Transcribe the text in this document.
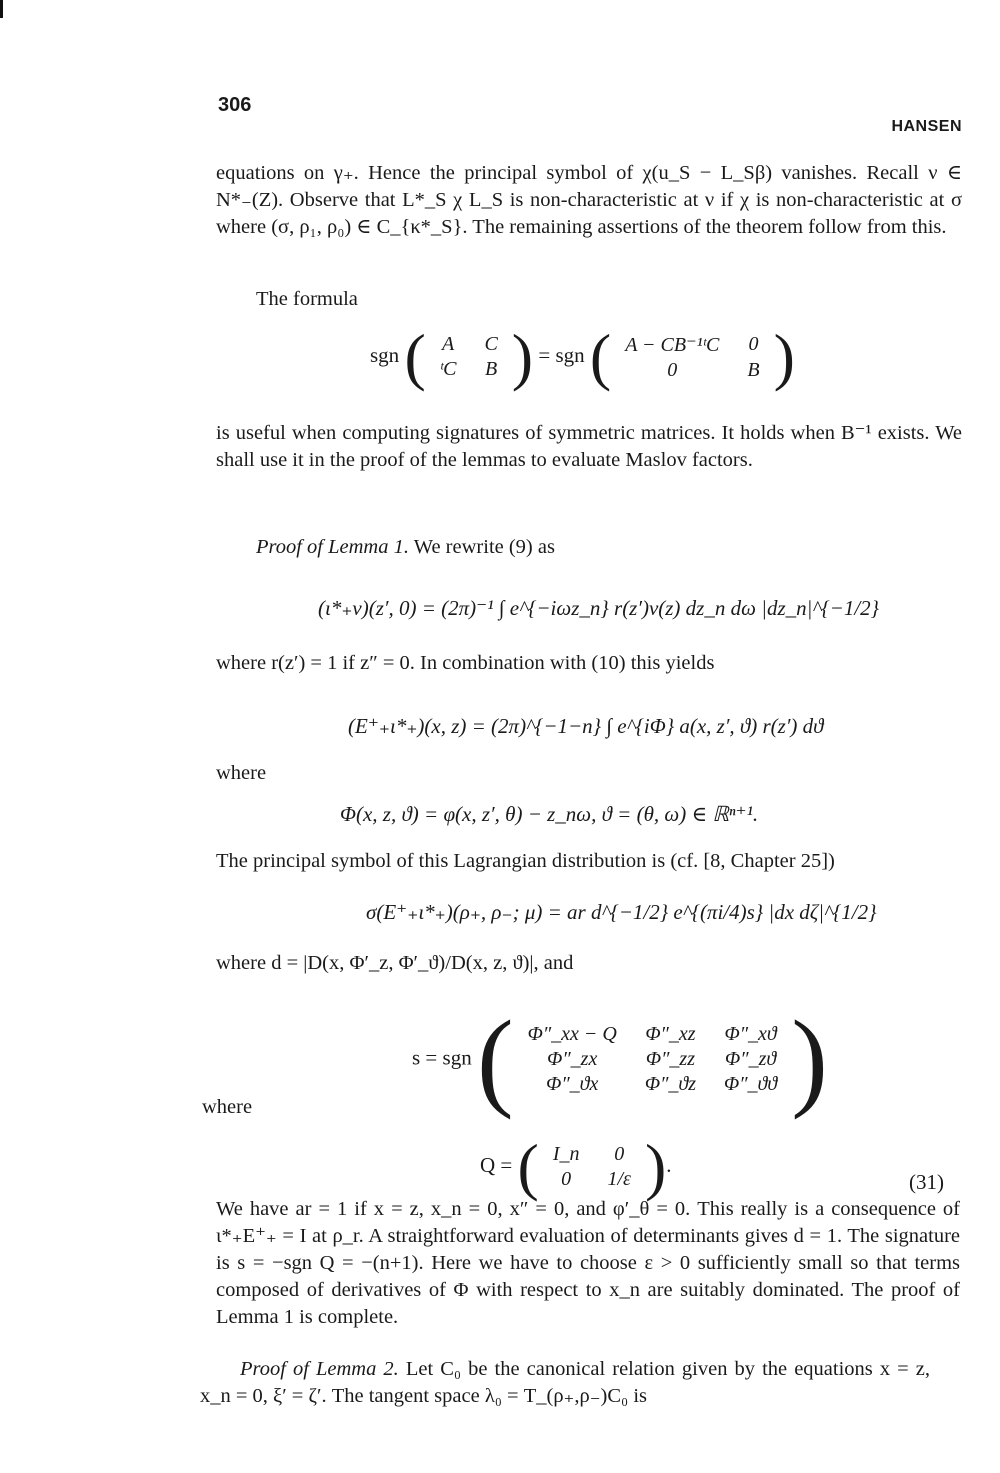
306
HANSEN

equations on γ₊. Hence the principal symbol of χ(u_S − L_Sβ) vanishes. Recall ν ∈ N*₋(Z). Observe that L*_S χ L_S is non-characteristic at ν if χ is non-characteristic at σ where (σ, ρ₁, ρ₀) ∈ C_{κ*_S}. The remaining assertions of the theorem follow from this.

The formula

sgn ( A	C
ᵗC	B ) = sgn ( A − CB⁻¹ᵗC	0
0	B )

is useful when computing signatures of symmetric matrices. It holds when B⁻¹ exists. We shall use it in the proof of the lemmas to evaluate Maslov factors.

Proof of Lemma 1. We rewrite (9) as

(ι*₊v)(z′, 0) = (2π)⁻¹ ∫ e^{−iωz_n} r(z′)v(z) dz_n dω |dz_n|^{−1/2}

where r(z′) = 1 if z″ = 0. In combination with (10) this yields

(E⁺₊ι*₊)(x, z) = (2π)^{−1−n} ∫ e^{iΦ} a(x, z′, ϑ) r(z′) dϑ
where
Φ(x, z, ϑ) = φ(x, z′, θ) − z_nω, ϑ = (θ, ω) ∈ ℝⁿ⁺¹.

The principal symbol of this Lagrangian distribution is (cf. [8, Chapter 25])

σ(E⁺₊ι*₊)(ρ₊, ρ₋; μ) = ar d^{−1/2} e^{(πi/4)s} |dx dζ|^{1/2}

where d = |D(x, Φ′_z, Φ′_ϑ)/D(x, z, ϑ)|, and

s = sgn ( Φ″_xx − Q	Φ″_xz	Φ″_xϑ
Φ″_zx	Φ″_zz	Φ″_zϑ
Φ″_ϑx	Φ″_ϑz	Φ″_ϑϑ )
where
Q = ( I_n	0
0	1/ε ).
(31)

We have ar = 1 if x = z, x_n = 0, x″ = 0, and φ′_θ = 0. This really is a consequence of ι*₊E⁺₊ = I at ρ_r. A straightforward evaluation of determinants gives d = 1. The signature is s = −sgn Q = −(n+1). Here we have to choose ε > 0 sufficiently small so that terms composed of derivatives of Φ with respect to x_n are suitably dominated. The proof of Lemma 1 is complete.

Proof of Lemma 2. Let C₀ be the canonical relation given by the equations x = z, x_n = 0, ξ′ = ζ′. The tangent space λ₀ = T_(ρ₊,ρ₋)C₀ is
